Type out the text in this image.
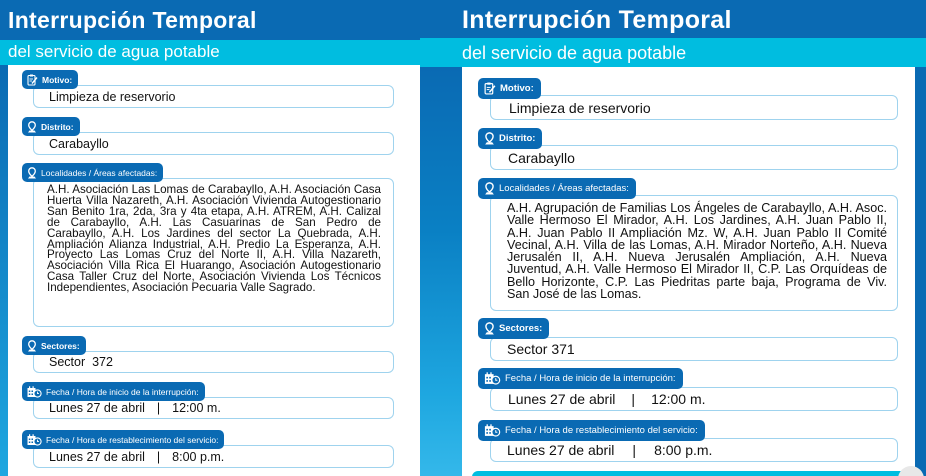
Interrupción Temporal
del servicio de agua potable
Motivo:
Limpieza de reservorio
Distrito:
Carabayllo
Localidades / Áreas afectadas:
A.H. Asociación Las Lomas de Carabayllo, A.H. Asociación Casa Huerta Villa Nazareth, A.H. Asociación Vivienda Autogestionario San Benito 1ra, 2da, 3ra y 4ta etapa, A.H. ATREM, A.H. Calizal de Carabayllo, A.H. Las Casuarinas de San Pedro de Carabayllo, A.H. Los Jardines del sector La Quebrada, A.H. Ampliación Alianza Industrial, A.H. Predio La Esperanza, A.H. Proyecto Las Lomas Cruz del Norte II, A.H. Villa Nazareth, Asociación Villa Rica El Huarango, Asociación Autogestionario Casa Taller Cruz del Norte, Asociación Vivienda Los Técnicos Independientes, Asociación Pecuaria Valle Sagrado.
Sectores:
Sector  372
Fecha / Hora de inicio de la interrupción:
Lunes 27 de abril | 12:00 m.
Fecha / Hora de restablecimiento del servicio:
Lunes 27 de abril | 8:00 p.m.
Interrupción Temporal
del servicio de agua potable
Motivo:
Limpieza de reservorio
Distrito:
Carabayllo
Localidades / Áreas afectadas:
A.H. Agrupación de Familias Los Ángeles de Carabayllo, A.H. Asoc. Valle Hermoso El Mirador, A.H. Los Jardines, A.H. Juan Pablo II, A.H. Juan Pablo II Ampliación Mz. W, A.H. Juan Pablo II Comité Vecinal, A.H. Villa de las Lomas, A.H. Mirador Norteño, A.H. Nueva Jerusalén II, A.H. Nueva Jerusalén Ampliación, A.H. Nueva Juventud, A.H. Valle Hermoso El Mirador II, C.P. Las Orquídeas de Bello Horizonte, C.P. Las Piedritas parte baja, Programa de Viv. San José de las Lomas.
Sectores:
Sector 371
Fecha / Hora de inicio de la interrupción:
Lunes 27 de abril | 12:00 m.
Fecha / Hora de restablecimiento del servicio:
Lunes 27 de abril | 8:00 p.m.
